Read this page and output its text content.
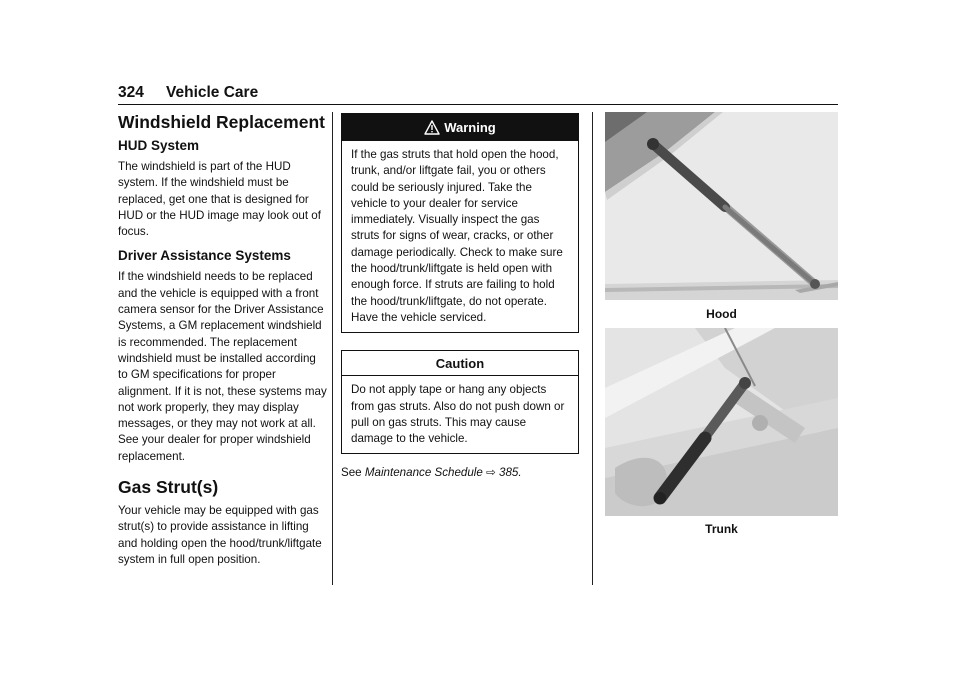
324 Vehicle Care
Windshield Replacement
HUD System

The windshield is part of the HUD system. If the windshield must be replaced, get one that is designed for HUD or the HUD image may look out of focus.

Driver Assistance Systems

If the windshield needs to be replaced and the vehicle is equipped with a front camera sensor for the Driver Assistance Systems, a GM replacement windshield is recommended. The replacement windshield must be installed according to GM specifications for proper alignment. If it is not, these systems may not work properly, they may display messages, or they may not work at all. See your dealer for proper windshield replacement.

Gas Strut(s)

Your vehicle may be equipped with gas strut(s) to provide assistance in lifting and holding open the hood/trunk/liftgate system in full open position.

Warning
If the gas struts that hold open the hood, trunk, and/or liftgate fail, you or others could be seriously injured. Take the vehicle to your dealer for service immediately. Visually inspect the gas struts for signs of wear, cracks, or other damage periodically. Check to make sure the hood/trunk/liftgate is held open with enough force. If struts are failing to hold the hood/trunk/liftgate, do not operate. Have the vehicle serviced.
Caution
Do not apply tape or hang any objects from gas struts. Also do not push down or pull on gas struts. This may cause damage to the vehicle.
See Maintenance Schedule ⇨ 385.
Hood
Trunk
